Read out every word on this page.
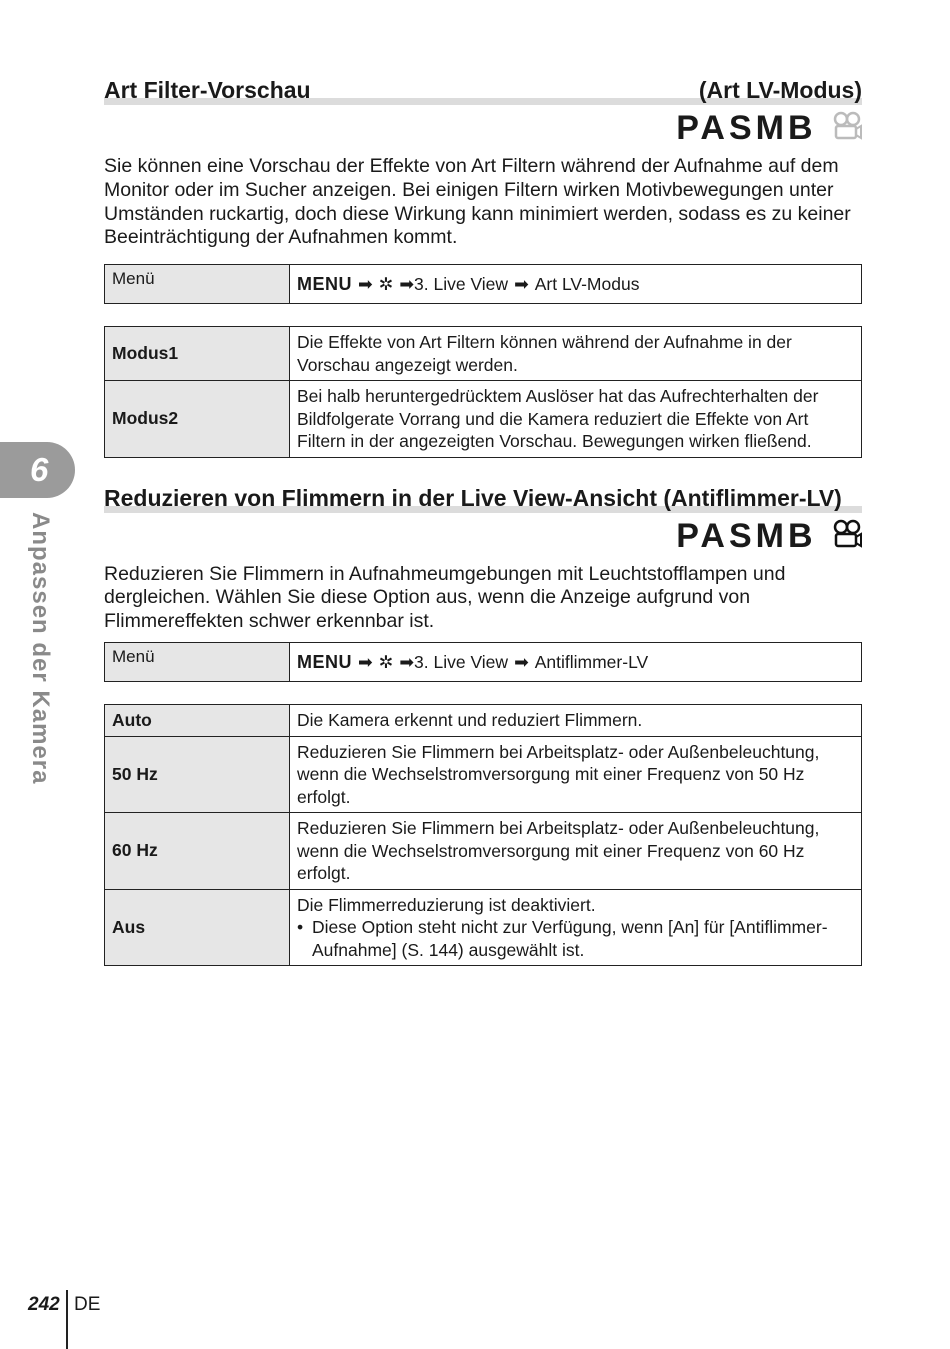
6
Anpassen der Kamera
Art Filter-Vorschau	(Art LV-Modus)
PASMB

Sie können eine Vorschau der Effekte von Art Filtern während der Aufnahme auf dem Monitor oder im Sucher anzeigen. Bei einigen Filtern wirken Motivbewegungen unter Umständen ruckartig, doch diese Wirkung kann minimiert werden, sodass es zu keiner Beeinträchtigung der Aufnahmen kommt.

Menü	MENU ➡ ✲ ➡ 3. Live View ➡ Art LV-Modus
Modus1	Die Effekte von Art Filtern können während der Aufnahme in der Vorschau angezeigt werden.
Modus2	Bei halb heruntergedrücktem Auslöser hat das Aufrechterhalten der Bildfolgerate Vorrang und die Kamera reduziert die Effekte von Art Filtern in der angezeigten Vorschau. Bewegungen wirken fließend.
Reduzieren von Flimmern in der Live View-Ansicht (Antiflimmer-LV)
PASMB

Reduzieren Sie Flimmern in Aufnahmeumgebungen mit Leuchtstofflampen und dergleichen. Wählen Sie diese Option aus, wenn die Anzeige aufgrund von Flimmereffekten schwer erkennbar ist.

Menü	MENU ➡ ✲ ➡ 3. Live View ➡ Antiflimmer-LV
Auto	Die Kamera erkennt und reduziert Flimmern.
50 Hz	Reduzieren Sie Flimmern bei Arbeitsplatz- oder Außenbeleuchtung, wenn die Wechselstromversorgung mit einer Frequenz von 50 Hz erfolgt.
60 Hz	Reduzieren Sie Flimmern bei Arbeitsplatz- oder Außenbeleuchtung, wenn die Wechselstromversorgung mit einer Frequenz von 60 Hz erfolgt.
Aus	Die Flimmerreduzierung ist deaktiviert.
• Diese Option steht nicht zur Verfügung, wenn [An] für [Antiflimmer-Aufnahme] (S. 144) ausgewählt ist.
242 DE
